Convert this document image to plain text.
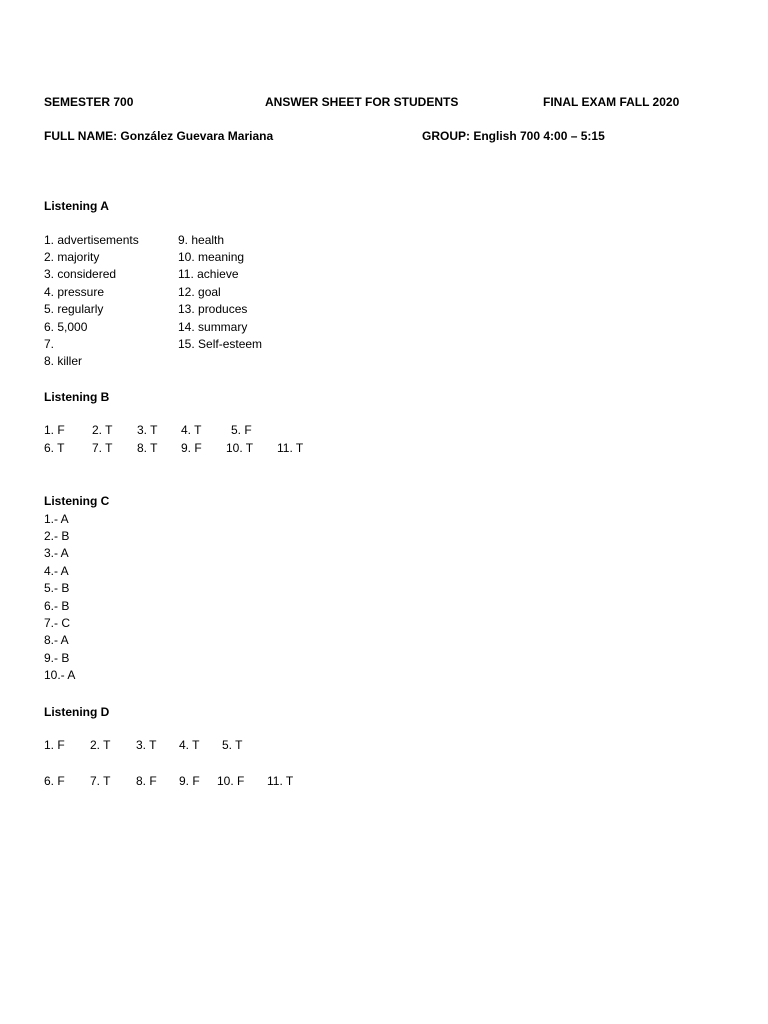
SEMESTER 700	ANSWER SHEET FOR STUDENTS	FINAL EXAM FALL 2020
FULL NAME: González Guevara Mariana	GROUP: English 700 4:00 – 5:15
Listening A
1. advertisements
2. majority
3. considered
4. pressure
5. regularly
6. 5,000
7.
8. killer
9. health
10. meaning
11. achieve
12. goal
13. produces
14. summary
15. Self-esteem
Listening B
1. F 2. T 3. T 4. T 5. F
6. T 7. T 8. T 9. F 10. T 11. T
Listening C
1.- A
2.- B
3.- A
4.- A
5.- B
6.- B
7.- C
8.- A
9.- B
10.- A
Listening D
1. F 2. T 3. T 4. T 5. T
6. F 7. T 8. F 9. F 10. F 11. T
